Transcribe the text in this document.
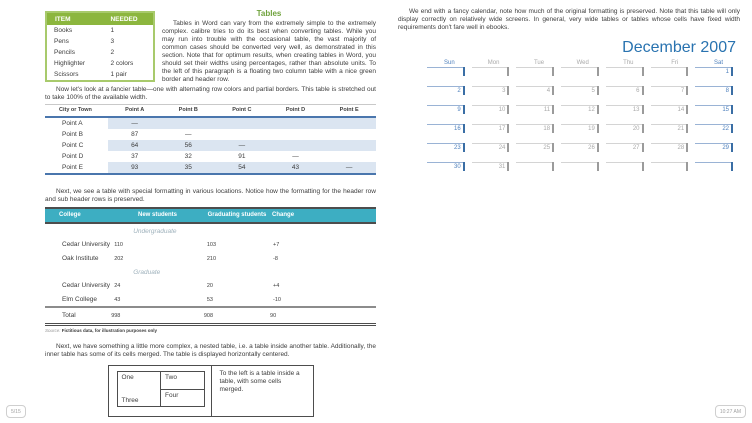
ITEM	NEEDED
Books	1
Pens	3
Pencils	2
Highlighter	2 colors
Scissors	1 pair
Tables

Tables in Word can vary from the extremely simple to the extremely complex. calibre tries to do its best when converting tables. While you may run into trouble with the occasional table, the vast majority of common cases should be converted very well, as demonstrated in this section. Note that for optimum results, when creating tables in Word, you should set their widths using percentages, rather than absolute units. To the left of this paragraph is a floating two column table with a nice green border and header row.

Now let's look at a fancier table—one with alternating row colors and partial borders. This table is stretched out to take 100% of the available width.

City or Town	Point A	Point B	Point C	Point D	Point E
Point A	—				
Point B	87	—			
Point C	64	56	—		
Point D	37	32	91	—	
Point E	93	35	54	43	—

Next, we see a table with special formatting in various locations. Notice how the formatting for the header row and sub header rows is preserved.

College	New students	Graduating students	Change
	Undergraduate		
Cedar University	110	103	+7
Oak Institute	202	210	-8
	Graduate		
Cedar University	24	20	+4
Elm College	43	53	-10
Total	998	908	90

Source: Fictitious data, for illustration purposes only

Next, we have something a little more complex, a nested table, i.e. a table inside another table. Additionally, the inner table has some of its cells merged. The table is displayed horizontally centered.

One
Three
	Two
Four
	To the left is a table inside a table, with some cells merged.

We end with a fancy calendar, note how much of the original formatting is preserved. Note that this table will only display correctly on relatively wide screens. In general, very wide tables or tables whose cells have fixed width requirements don't fare well in ebooks.

December 2007
Sun	Mon	Tue	Wed	Thu	Fri	Sat

						1

2	3	4	5	6	7	8

9	10	11	12	13	14	15

16	17	18	19	20	21	22

23	24	25	26	27	28	29

30	31					

5/15	10:27 AM
